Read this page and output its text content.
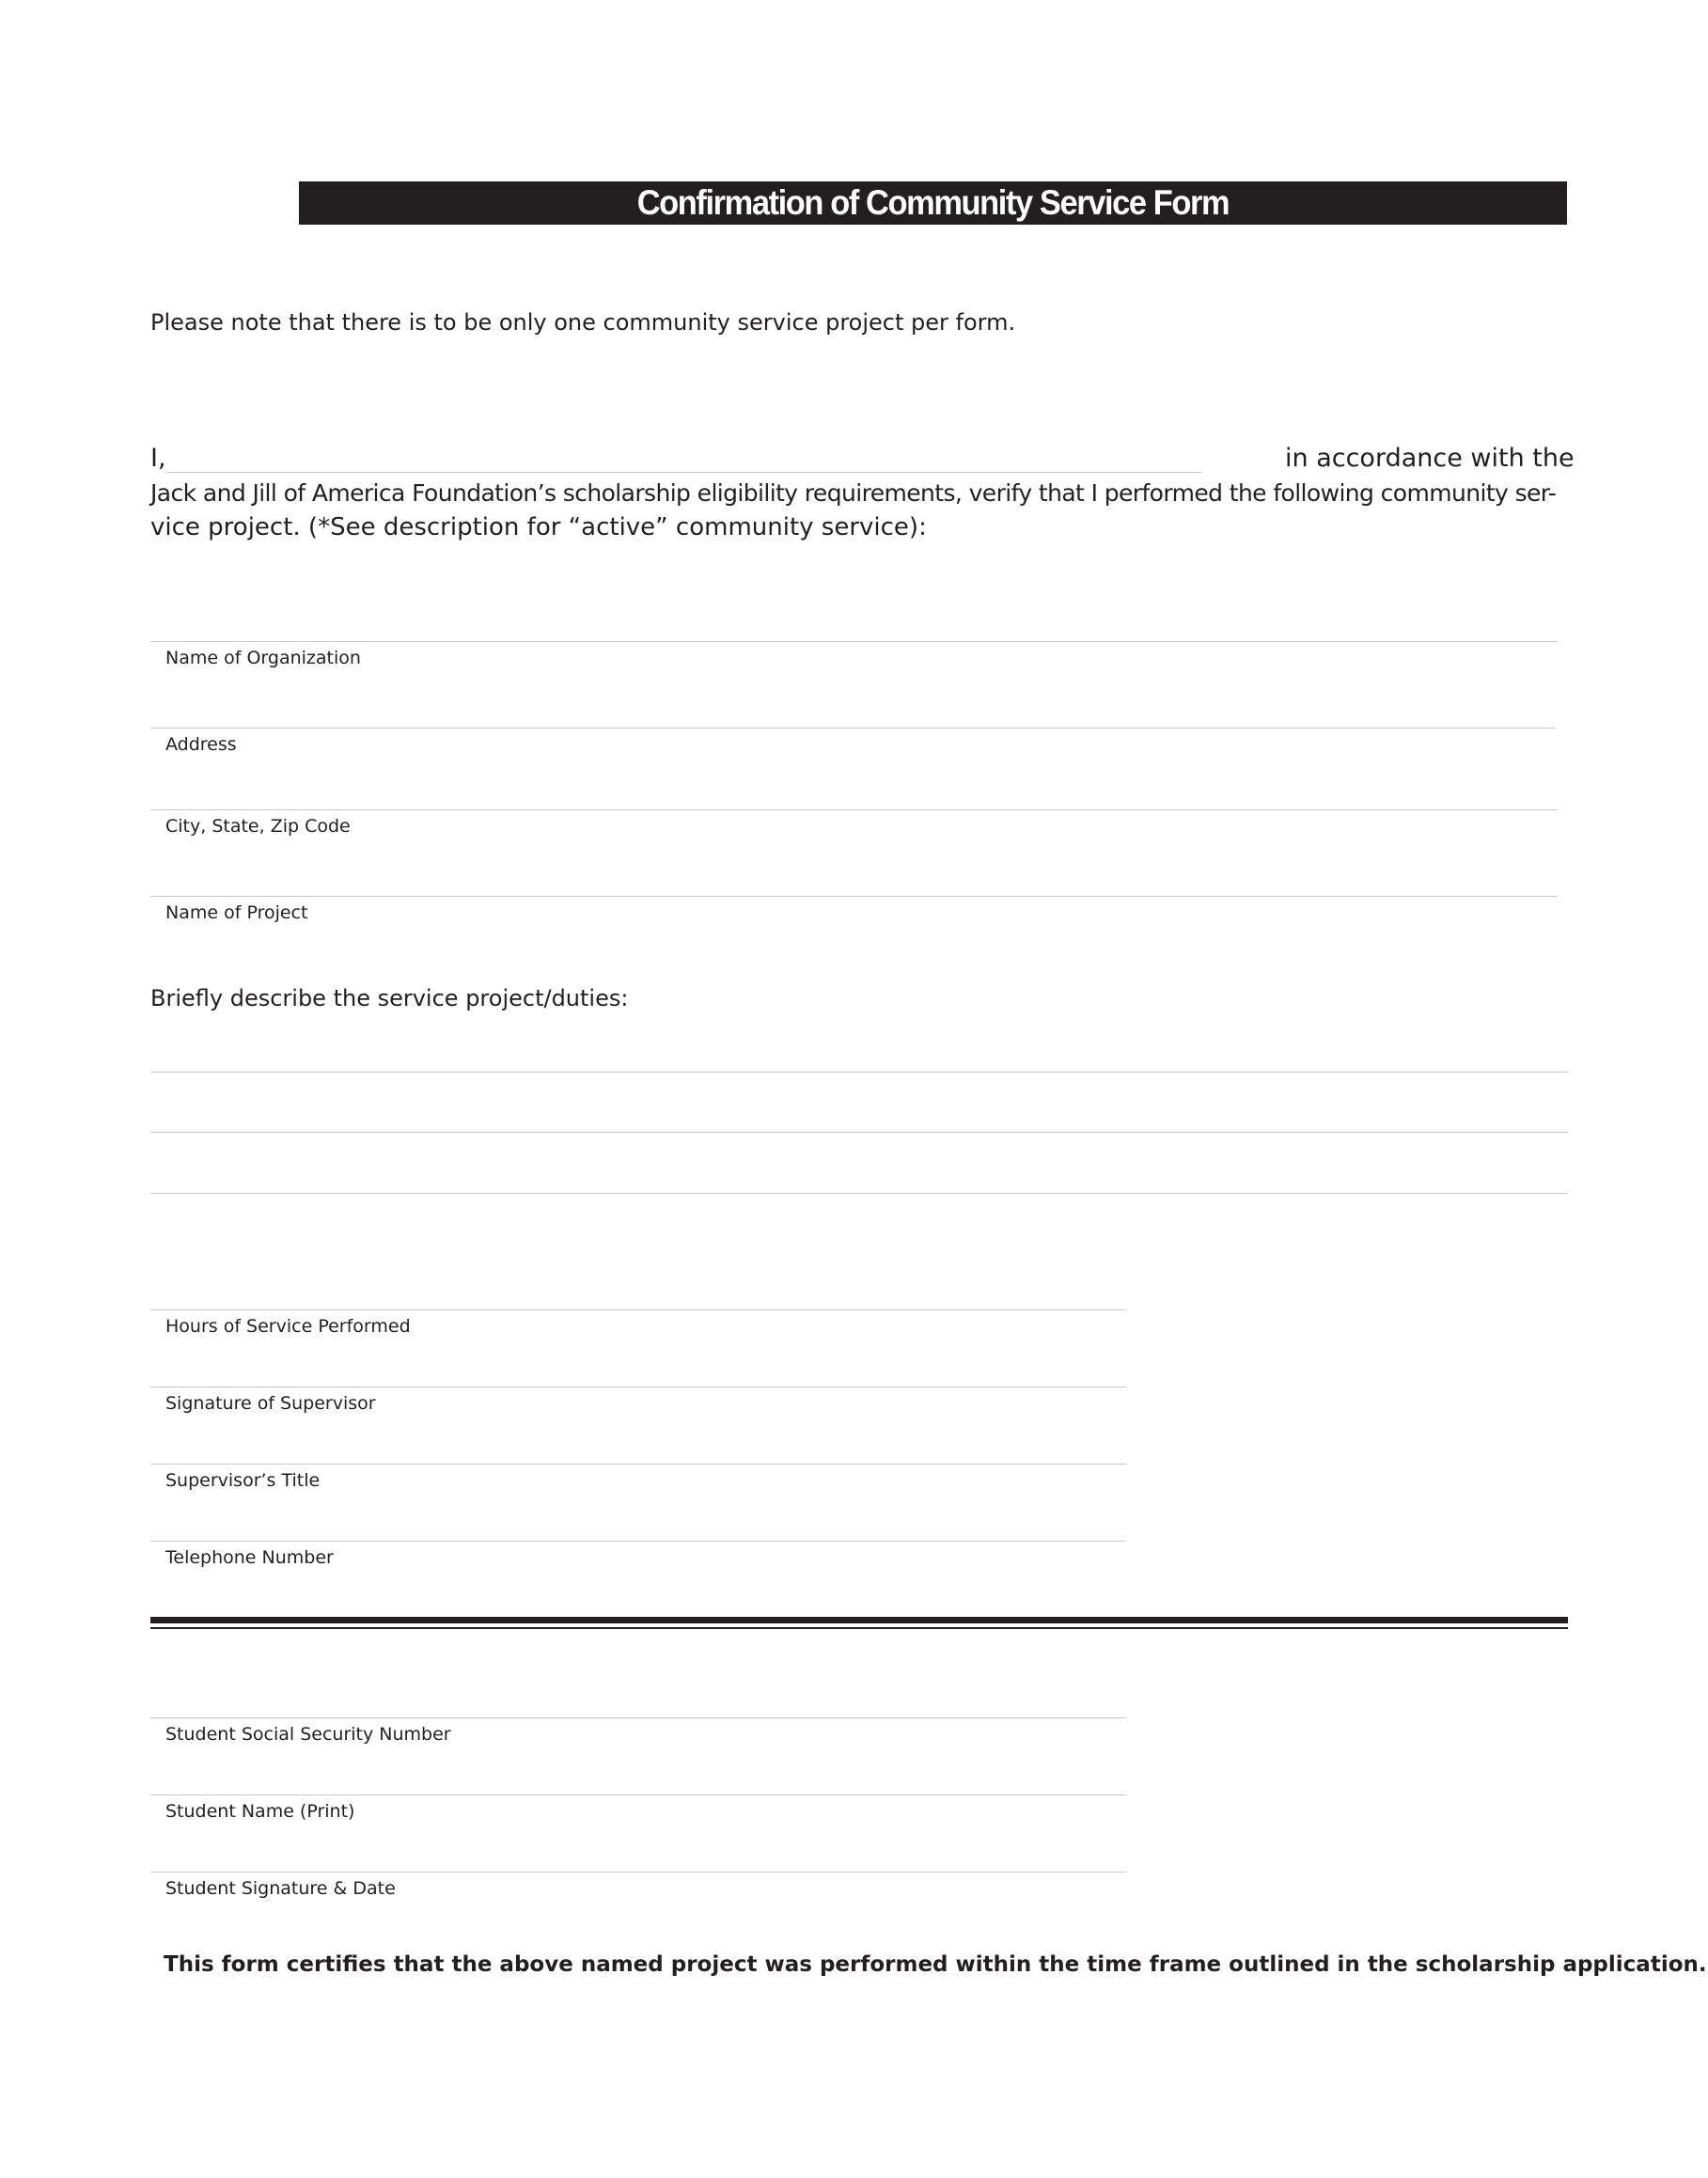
Confirmation of Community Service Form
Please note that there is to be only one community service project per form.
I,	in accordance with the
Jack and Jill of America Foundation’s scholarship eligibility requirements, verify that I performed the following community ser-
vice project. (*See description for “active” community service):
Name of Organization
Address
City, State, Zip Code
Name of Project
Briefly describe the service project/duties:
Hours of Service Performed
Signature of Supervisor
Supervisor’s Title
Telephone Number
Student Social Security Number
Student Name (Print)
Student Signature & Date
This form certifies that the above named project was performed within the time frame outlined in the scholarship application.
